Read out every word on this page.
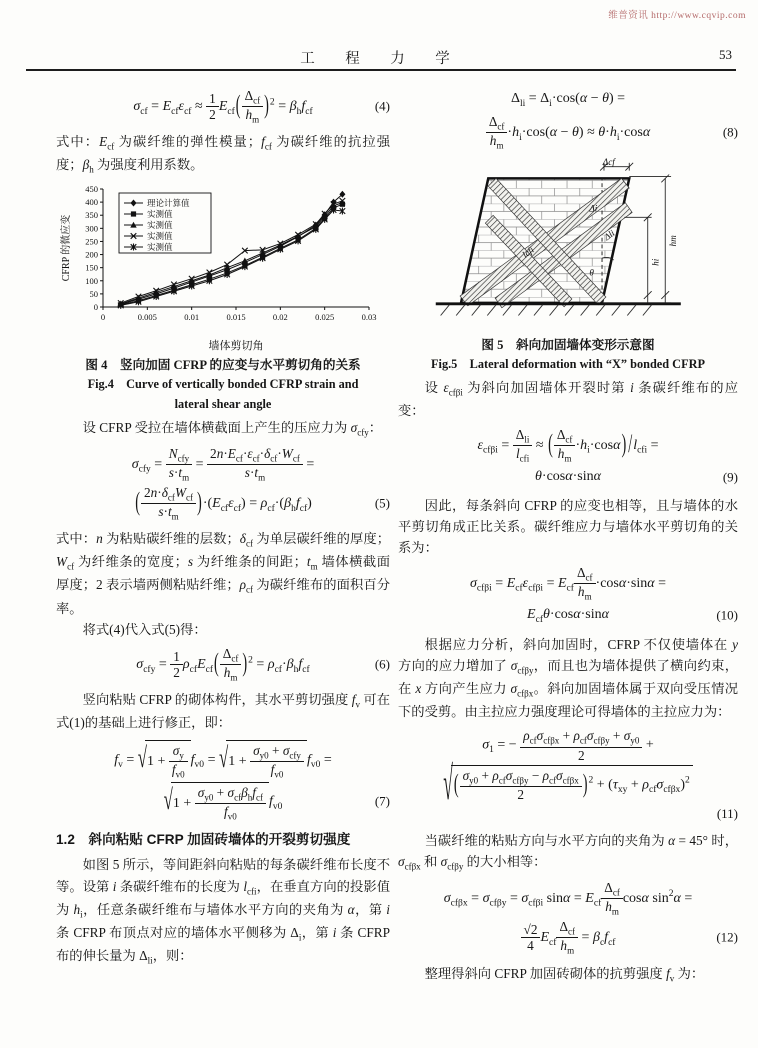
维普资讯 http://www.cqvip.com
工　程　力　学	53
$\sigma_{cf} = E_{cf}\varepsilon_{cf} \approx \frac{1}{2} E_{cf}$( $\Delta_{cf}$
$h_m$ )$^2 = \beta_hf_{cf}$	(4)

式中：$E_{cf}$ 为碳纤维的弹性模量；$f_{cf}$ 为碳纤维的抗拉强度；$\beta_h$ 为强度利用系数。

0
50
100
150
200
250
300
350
400
450
0	0.005	0.01	0.015	0.02	0.025	0.03
CFRP 的微应变
墙体剪切角
理论计算值
实测值
实测值
实测值
实测值

图 4　竖向加固 CFRP 的应变与水平剪切角的关系

Fig.4　Curve of vertically bonded CFRP strain and

lateral shear angle

设 CFRP 受拉在墙体横截面上产生的压应力为 $\sigma_{cfy}$：

$\sigma_{cfy}$ =
$N_{cfy}$
$s\cdot t_m$
=
$2n\cdot E_{cf}\cdot\varepsilon_{cf}\cdot\delta_{cf}\cdot W_{cf}$
$s\cdot t_m$
=
( $2n\cdot\delta_{cf}W_{cf}$
$s\cdot t_m$	)$\cdot(E_{cf}\varepsilon_{cf}) = \rho_{cf}\cdot(\beta_hf_{cf})$	(5)

式中：n 为粘贴碳纤维的层数；$\delta_{cf}$ 为单层碳纤维的厚度；$W_{cf}$ 为纤维条的宽度；s 为纤维条的间距；$t_m$ 墙体横截面厚度；2 表示墙两侧粘贴纤维；$\rho_{cf}$ 为碳纤维布的面积百分率。

将式(4)代入式(5)得：

$\sigma_{cfy} = \frac{1}{2} \rho_{cf}E_{cf}$( $\Delta_{cf}$
$h_m$ )$^2 = \rho_{cf}\cdot\beta_hf_{cf}$	(6)

竖向粘贴 CFRP 的砌体构件，其水平剪切强度 $f_v$ 可在式(1)的基础上进行修正，即：

$f_v = √1 + \frac{\sigma_y}{f_{v0}} f_{v0} = √1$ +
$\sigma_{y0} + \sigma_{cfy}$
$f_{v0}$
$f_{v0}$ =
√1 +
$\sigma_{y0} + \sigma_{cf}\beta_hf_{cf}$
$f_{v0}$
$f_{v0}$	(7)

1.2　斜向粘贴 CFRP 加固砖墙体的开裂剪切强度

如图 5 所示，等间距斜向粘贴的每条碳纤维布长度不等。设第 i 条碳纤维布的长度为 $l_{cfi}$，在垂直方向的投影值为 $h_i$，任意条碳纤维布与墙体水平方向的夹角为 α，第 i 条 CFRP 布顶点对应的墙体水平侧移为 $\Delta_i$，第 i 条 CFRP 布的伸长量为 $\Delta_{li}$，则：

$\Delta_{li} = \Delta_i\cdot\cos(\alpha - \theta)$ =
$\Delta_{cf}$
$h_m$
$\cdot h_i\cdot\cos(\alpha - \theta) \approx \theta\cdot h_i\cdot\cos\alpha$	(8)
Δcf
Δi
Δli
lcfi
θ
hi
hm

图 5　斜向加固墙体变形示意图

Fig.5　Lateral deformation with “X” bonded CFRP

设 $\varepsilon_{cf\beta i}$ 为斜向加固墙体开裂时第 i 条碳纤维布的应变：

$\varepsilon_{cf\beta i}$ =
$\Delta_{li}$
$l_{cfi}$
≈ ( $\Delta_{cf}$
$h_m$
$\cdot h_i\cdot\cos\alpha$) $/l_{cfi}$ =
θ·cosα·sinα	(9)

因此，每条斜向 CFRP 的应变也相等，且与墙体的水平剪切角成正比关系。碳纤维应力与墙体水平剪切角的关系为：

$\sigma_{cf\beta i} = E_{cf}\varepsilon_{cf\beta i} = E_{cf}$
$\Delta_{cf}$
$h_m$
·cosα·sinα =
$E_{cf}\theta\cdot\cos\alpha\cdot\sin\alpha$	(10)

根据应力分析，斜向加固时，CFRP 不仅使墙体在 y 方向的应力增加了 $\sigma_{cf\beta y}$，而且也为墙体提供了横向约束，在 x 方向产生应力 $\sigma_{cf\beta x}$。斜向加固墙体属于双向受压情况下的受剪。由主拉应力强度理论可得墙体的主拉应力为：

$\sigma_1$ = −
$\rho_{cf}\sigma_{cf\beta x} + \rho_{cf}\sigma_{cf\beta y} + \sigma_{y0}$
2
+
√( $\sigma_{y0} + \rho_{cf}\sigma_{cf\beta y} - \rho_{cf}\sigma_{cf\beta x}$
2	)$^2 + (\tau_{xy} + \rho_{cf}\sigma_{cf\beta x})^2$
(11)

当碳纤维的粘贴方向与水平方向的夹角为 α = 45° 时，$\sigma_{cf\beta x}$ 和 $\sigma_{cf\beta y}$ 的大小相等：

$\sigma_{cf\beta x} = \sigma_{cf\beta y} = \sigma_{cf\beta i}$ $\sin\alpha = E_{cf}$
$\Delta_{cf}$
$h_m$
cosα $\sin^2\alpha$ =
$\frac{√2}{4} E_{cf}$
$\Delta_{cf}$
$h_m$
= $\beta_cf_{cf}$	(12)

整理得斜向 CFRP 加固砖砌体的抗剪强度 $f_v$ 为：
